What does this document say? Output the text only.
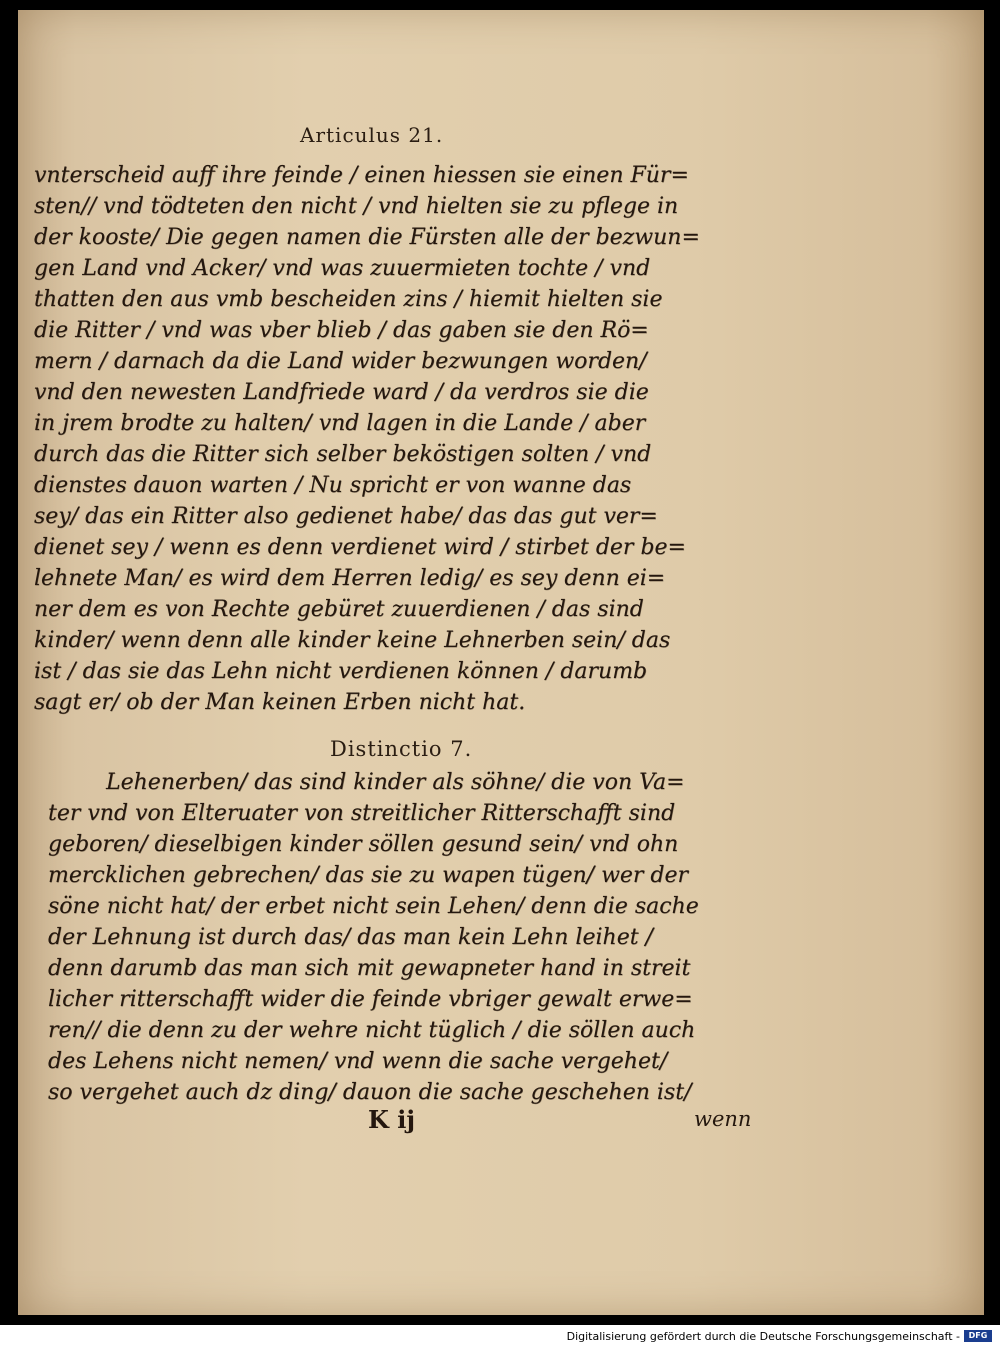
Articulus 21.
vnterscheid auff ihre feinde / einen hiessen sie einen Für=
sten// vnd tödteten den nicht / vnd hielten sie zu pflege in
der kooste/ Die gegen namen die Fürsten alle der bezwun=
gen Land vnd Acker/ vnd was zuuermieten tochte / vnd
thatten den aus vmb bescheiden zins / hiemit hielten sie
die Ritter / vnd was vber blieb / das gaben sie den Rö=
mern / darnach da die Land wider bezwungen worden/
vnd den newesten Landfriede ward / da verdros sie die
in jrem brodte zu halten/ vnd lagen in die Lande / aber
durch das die Ritter sich selber beköstigen solten / vnd
dienstes dauon warten / Nu spricht er von wanne das
sey/ das ein Ritter also gedienet habe/ das das gut ver=
dienet sey / wenn es denn verdienet wird / stirbet der be=
lehnete Man/ es wird dem Herren ledig/ es sey denn ei=
ner dem es von Rechte gebüret zuuerdienen / das sind
kinder/ wenn denn alle kinder keine Lehnerben sein/ das
ist / das sie das Lehn nicht verdienen können / darumb
sagt er/ ob der Man keinen Erben nicht hat.
Distinctio 7.
Lehenerben/ das sind kinder als söhne/ die von Va=
ter vnd von Elteruater von streitlicher Ritterschafft sind
geboren/ dieselbigen kinder söllen gesund sein/ vnd ohn
mercklichen gebrechen/ das sie zu wapen tügen/ wer der
söne nicht hat/ der erbet nicht sein Lehen/ denn die sache
der Lehnung ist durch das/ das man kein Lehn leihet /
denn darumb das man sich mit gewapneter hand in streit
licher ritterschafft wider die feinde vbriger gewalt erwe=
ren// die denn zu der wehre nicht tüglich / die söllen auch
des Lehens nicht nemen/ vnd wenn die sache vergehet/
so vergehet auch dz ding/ dauon die sache geschehen ist/
K ij	wenn
Digitalisierung gefördert durch die Deutsche Forschungsgemeinschaft -	DFG
